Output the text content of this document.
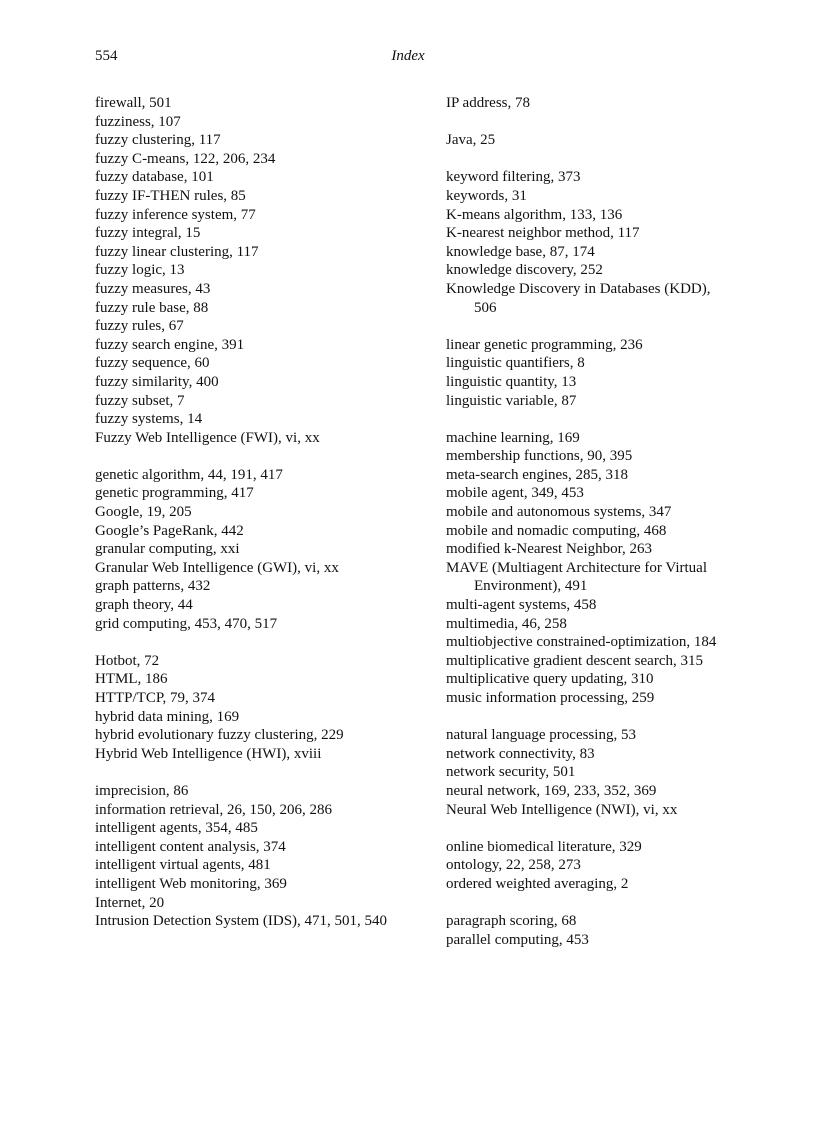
554	Index

firewall, 501

fuzziness, 107

fuzzy clustering, 117

fuzzy C-means, 122, 206, 234

fuzzy database, 101

fuzzy IF-THEN rules, 85

fuzzy inference system, 77

fuzzy integral, 15

fuzzy linear clustering, 117

fuzzy logic, 13

fuzzy measures, 43

fuzzy rule base, 88

fuzzy rules, 67

fuzzy search engine, 391

fuzzy sequence, 60

fuzzy similarity, 400

fuzzy subset, 7

fuzzy systems, 14

Fuzzy Web Intelligence (FWI), vi, xx

genetic algorithm, 44, 191, 417

genetic programming, 417

Google, 19, 205

Google’s PageRank, 442

granular computing, xxi

Granular Web Intelligence (GWI), vi, xx

graph patterns, 432

graph theory, 44

grid computing, 453, 470, 517

Hotbot, 72

HTML, 186

HTTP/TCP, 79, 374

hybrid data mining, 169

hybrid evolutionary fuzzy clustering, 229

Hybrid Web Intelligence (HWI), xviii

imprecision, 86

information retrieval, 26, 150, 206, 286

intelligent agents, 354, 485

intelligent content analysis, 374

intelligent virtual agents, 481

intelligent Web monitoring, 369

Internet, 20

Intrusion Detection System (IDS), 471, 501, 540

IP address, 78

Java, 25

keyword filtering, 373

keywords, 31

K-means algorithm, 133, 136

K-nearest neighbor method, 117

knowledge base, 87, 174

knowledge discovery, 252

Knowledge Discovery in Databases (KDD), 506

linear genetic programming, 236

linguistic quantifiers, 8

linguistic quantity, 13

linguistic variable, 87

machine learning, 169

membership functions, 90, 395

meta-search engines, 285, 318

mobile agent, 349, 453

mobile and autonomous systems, 347

mobile and nomadic computing, 468

modified k-Nearest Neighbor, 263

MAVE (Multiagent Architecture for Virtual Environment), 491

multi-agent systems, 458

multimedia, 46, 258

multiobjective constrained-optimization, 184

multiplicative gradient descent search, 315

multiplicative query updating, 310

music information processing, 259

natural language processing, 53

network connectivity, 83

network security, 501

neural network, 169, 233, 352, 369

Neural Web Intelligence (NWI), vi, xx

online biomedical literature, 329

ontology, 22, 258, 273

ordered weighted averaging, 2

paragraph scoring, 68

parallel computing, 453
